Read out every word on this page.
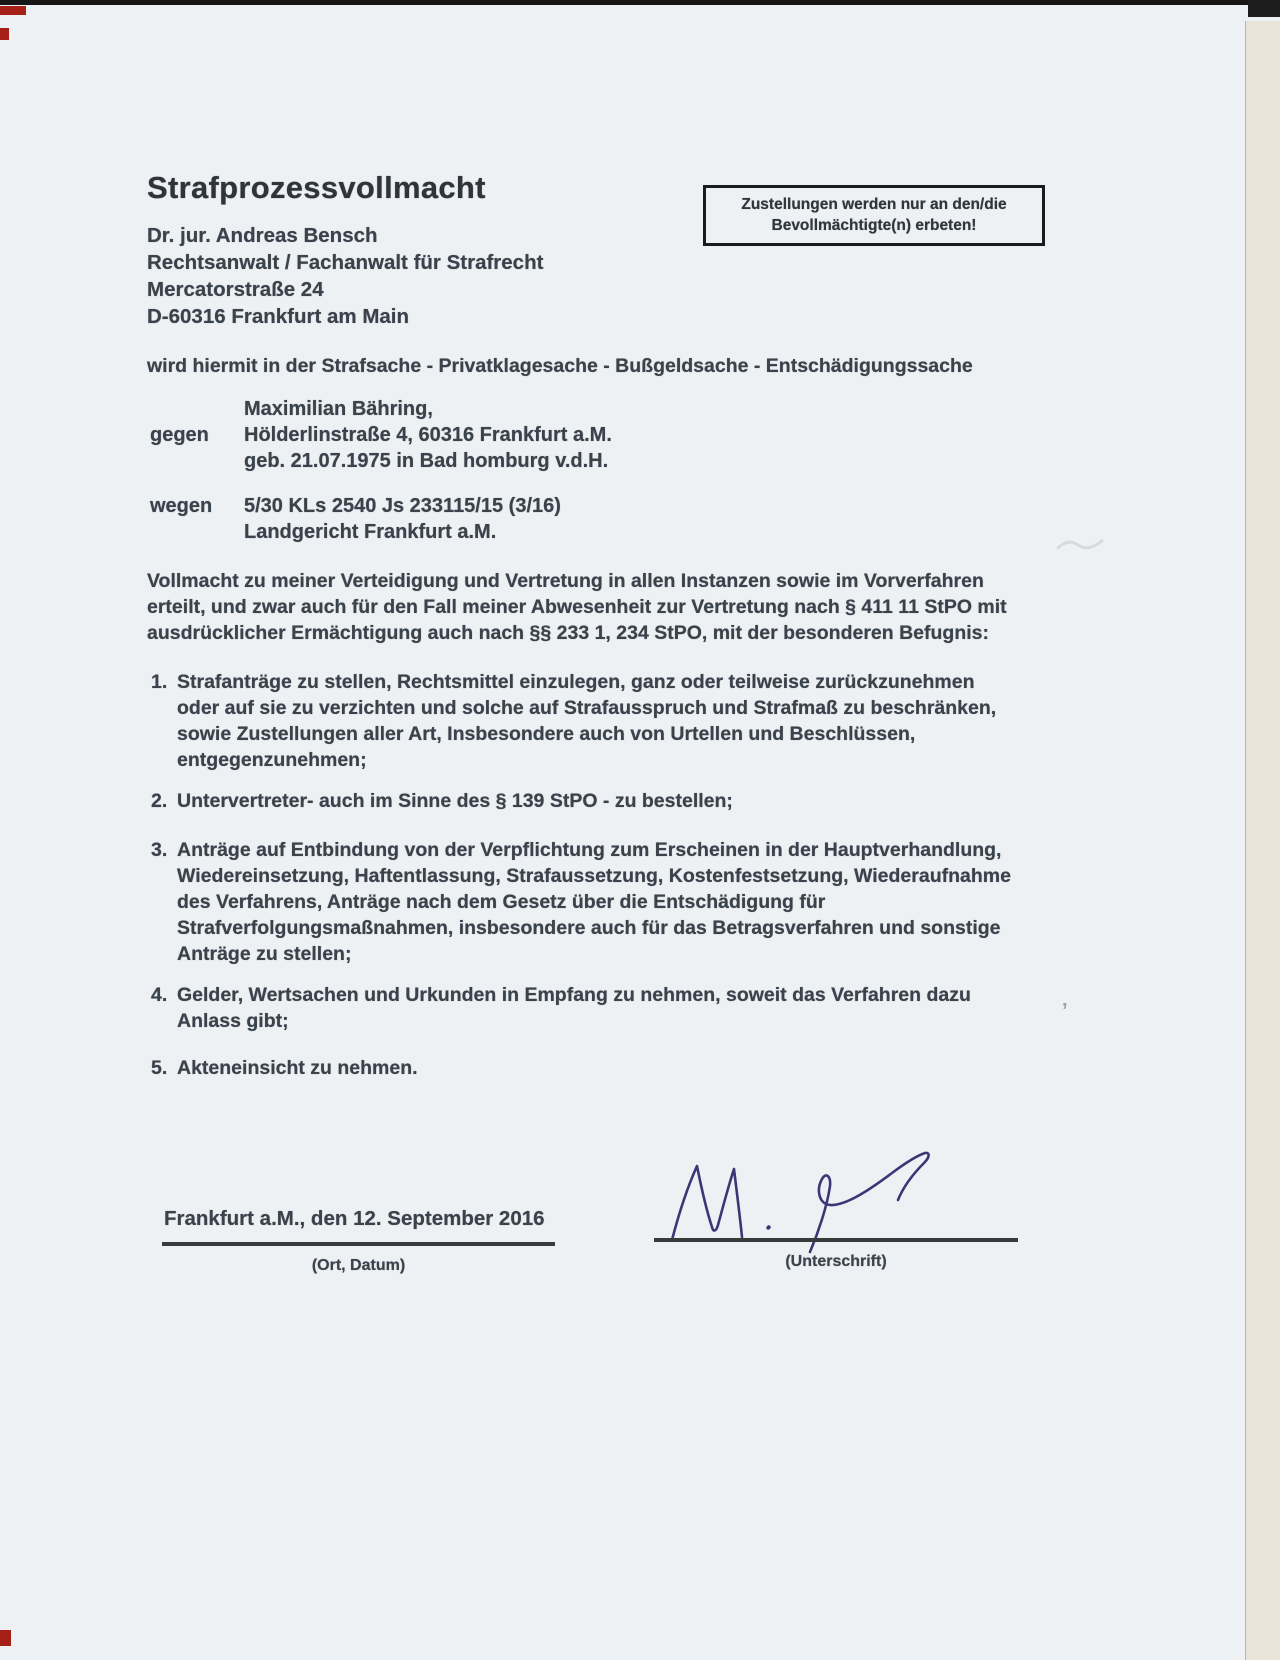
Strafprozessvollmacht	Zustellungen werden nur an den/die
Bevollmächtigte(n) erbeten!
Dr. jur. Andreas Bensch
Rechtsanwalt / Fachanwalt für Strafrecht
Mercatorstraße 24
D-60316 Frankfurt am Main
wird hiermit in der Strafsache - Privatklagesache - Bußgeldsache - Entschädigungssache
gegen
Maximilian Bähring,
Hölderlinstraße 4, 60316 Frankfurt a.M.
geb. 21.07.1975 in Bad homburg v.d.H.
wegen 5/30 KLs 2540 Js 233115/15 (3/16)
Landgericht Frankfurt a.M.
Vollmacht zu meiner Verteidigung und Vertretung in allen Instanzen sowie im Vorverfahren
erteilt, und zwar auch für den Fall meiner Abwesenheit zur Vertretung nach § 411 11 StPO mit
ausdrücklicher Ermächtigung auch nach §§ 233 1, 234 StPO, mit der besonderen Befugnis:
1. Strafanträge zu stellen, Rechtsmittel einzulegen, ganz oder teilweise zurückzunehmen
oder auf sie zu verzichten und solche auf Strafausspruch und Strafmaß zu beschränken,
sowie Zustellungen aller Art, Insbesondere auch von Urtellen und Beschlüssen,
entgegenzunehmen;
2. Untervertreter- auch im Sinne des § 139 StPO - zu bestellen;
3. Anträge auf Entbindung von der Verpflichtung zum Erscheinen in der Hauptverhandlung,
Wiedereinsetzung, Haftentlassung, Strafaussetzung, Kostenfestsetzung, Wiederaufnahme
des Verfahrens, Anträge nach dem Gesetz über die Entschädigung für
Strafverfolgungsmaßnahmen, insbesondere auch für das Betragsverfahren und sonstige
Anträge zu stellen;
4. Gelder, Wertsachen und Urkunden in Empfang zu nehmen, soweit das Verfahren dazu
Anlass gibt;
5. Akteneinsicht zu nehmen.
’
Frankfurt a.M., den 12. September 2016
(Ort, Datum)	(Unterschrift)
